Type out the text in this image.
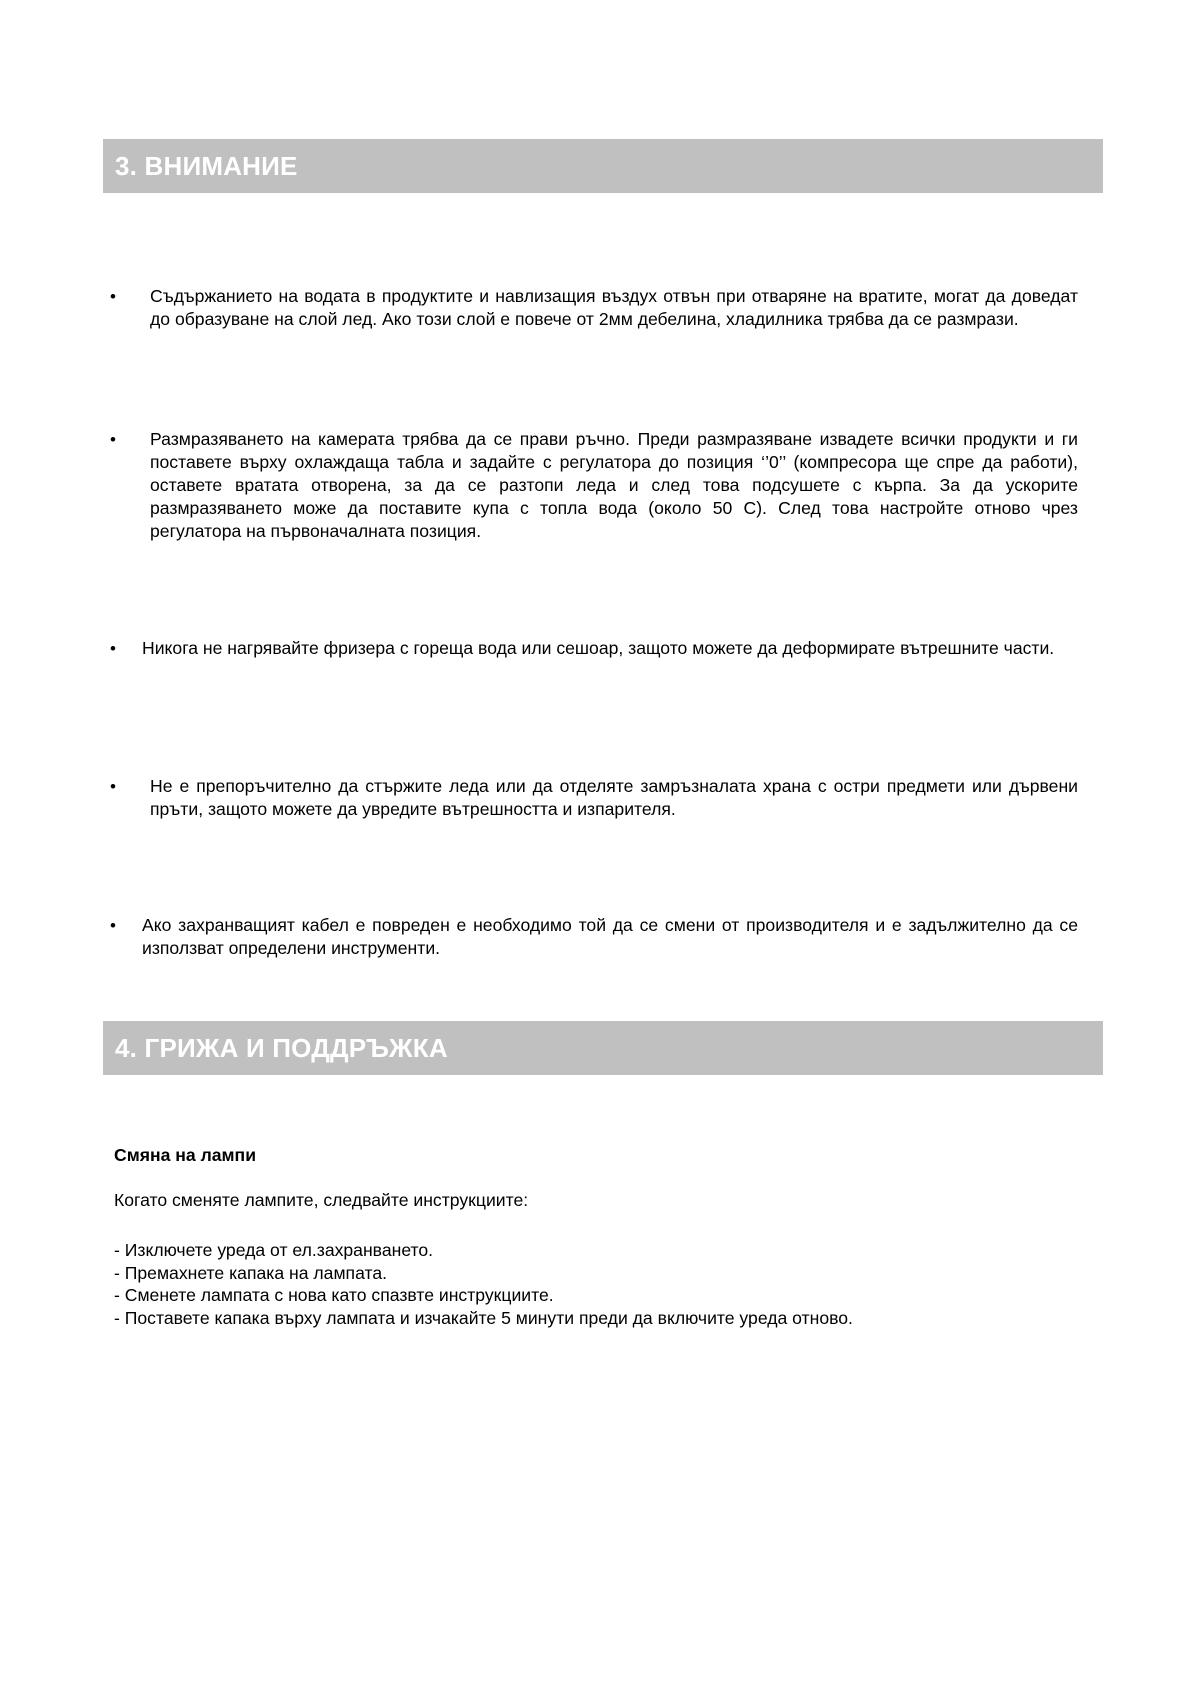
3. ВНИМАНИЕ
•	Съдържанието на водата в продуктите и навлизащия въздух отвън при отваряне на вратите, могат да доведат до образуване на слой лед. Ако този слой е повече от 2мм дебелина, хладилника трябва да се размрази.
•	Размразяването на камерата трябва да се прави ръчно. Преди размразяване извадете всички продукти и ги поставете върху охлаждаща табла и задайте с регулатора до позиция ‘’0’’ (компресора ще спре да работи), оставете вратата отворена, за да се разтопи леда и след това подсушете с кърпа. За да ускорите размразяването може да поставите купа с топла вода (около 50 С). След това настройте отново чрез регулатора на първоначалната позиция.
•	Никога не нагрявайте фризера с гореща вода или сешоар, защото можете да деформирате вътрешните части.
•	Не е препоръчително да стържите леда или да отделяте замръзналата храна с остри предмети или дървени пръти, защото можете да увредите вътрешността и изпарителя.
•	Ако захранващият кабел е повреден е необходимо той да се смени от производителя и е задължително да се използват определени инструменти.
4. ГРИЖА И ПОДДРЪЖКА
Смяна на лампи
Когато сменяте лампите, следвайте инструкциите:
- Изключете уреда от ел.захранването.
- Премахнете капака на лампата.
- Сменете лампата с нова като спазвте инструкциите.
- Поставете капака върху лампата и изчакайте 5 минути преди да включите уреда отново.
